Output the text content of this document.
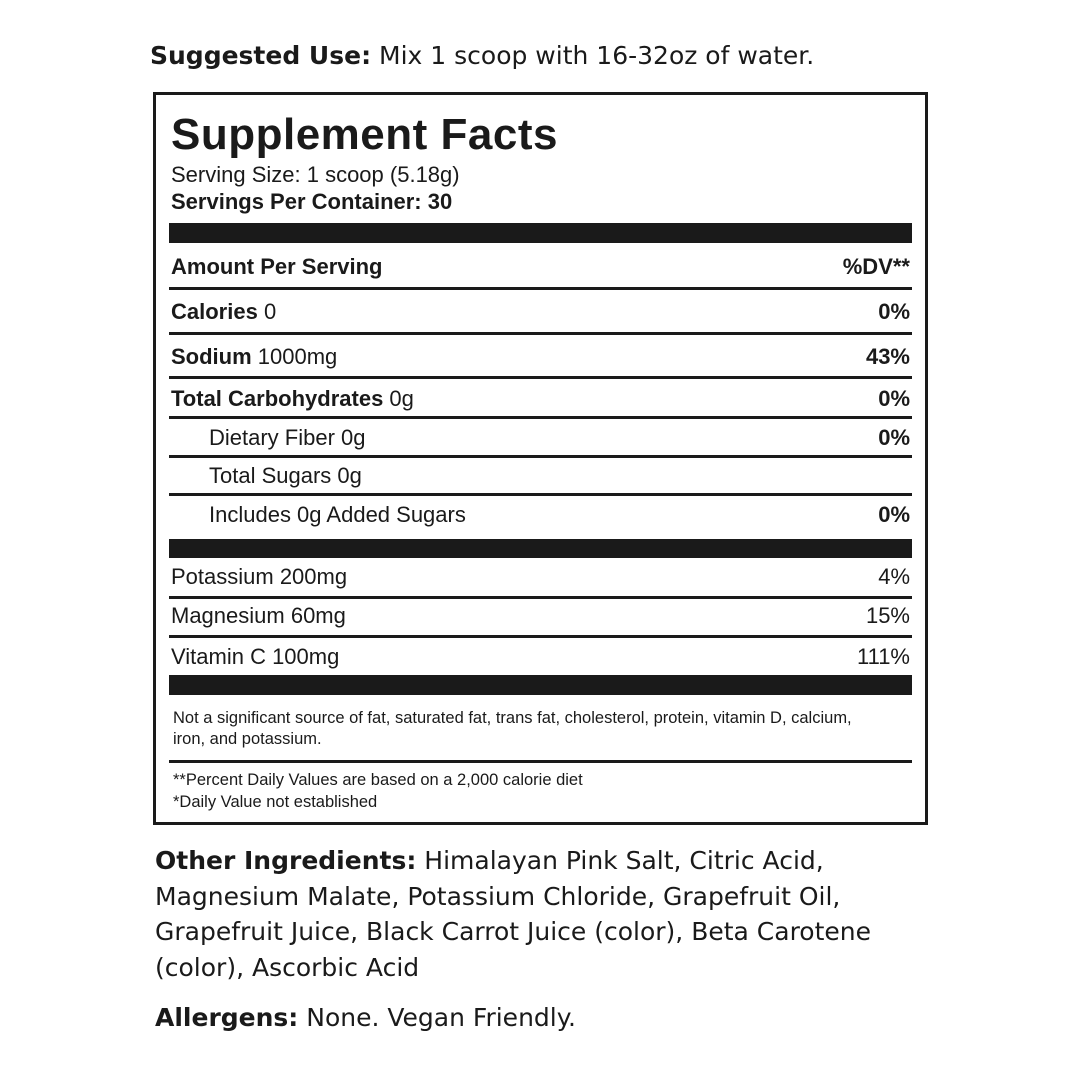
Suggested Use: Mix 1 scoop with 16-32oz of water.
Supplement Facts
Serving Size: 1 scoop (5.18g)
Servings Per Container: 30
Amount Per Serving	%DV**
Calories 0	0%
Sodium 1000mg	43%
Total Carbohydrates 0g	0%
Dietary Fiber 0g	0%
Total Sugars 0g
Includes 0g Added Sugars	0%
Potassium 200mg	4%
Magnesium 60mg	15%
Vitamin C 100mg	111%
Not a significant source of fat, saturated fat, trans fat, cholesterol, protein, vitamin D, calcium, iron, and potassium.
**Percent Daily Values are based on a 2,000 calorie diet
*Daily Value not established
Other Ingredients: Himalayan Pink Salt, Citric Acid, Magnesium Malate, Potassium Chloride, Grapefruit Oil, Grapefruit Juice, Black Carrot Juice (color), Beta Carotene (color), Ascorbic Acid
Allergens: None. Vegan Friendly.
